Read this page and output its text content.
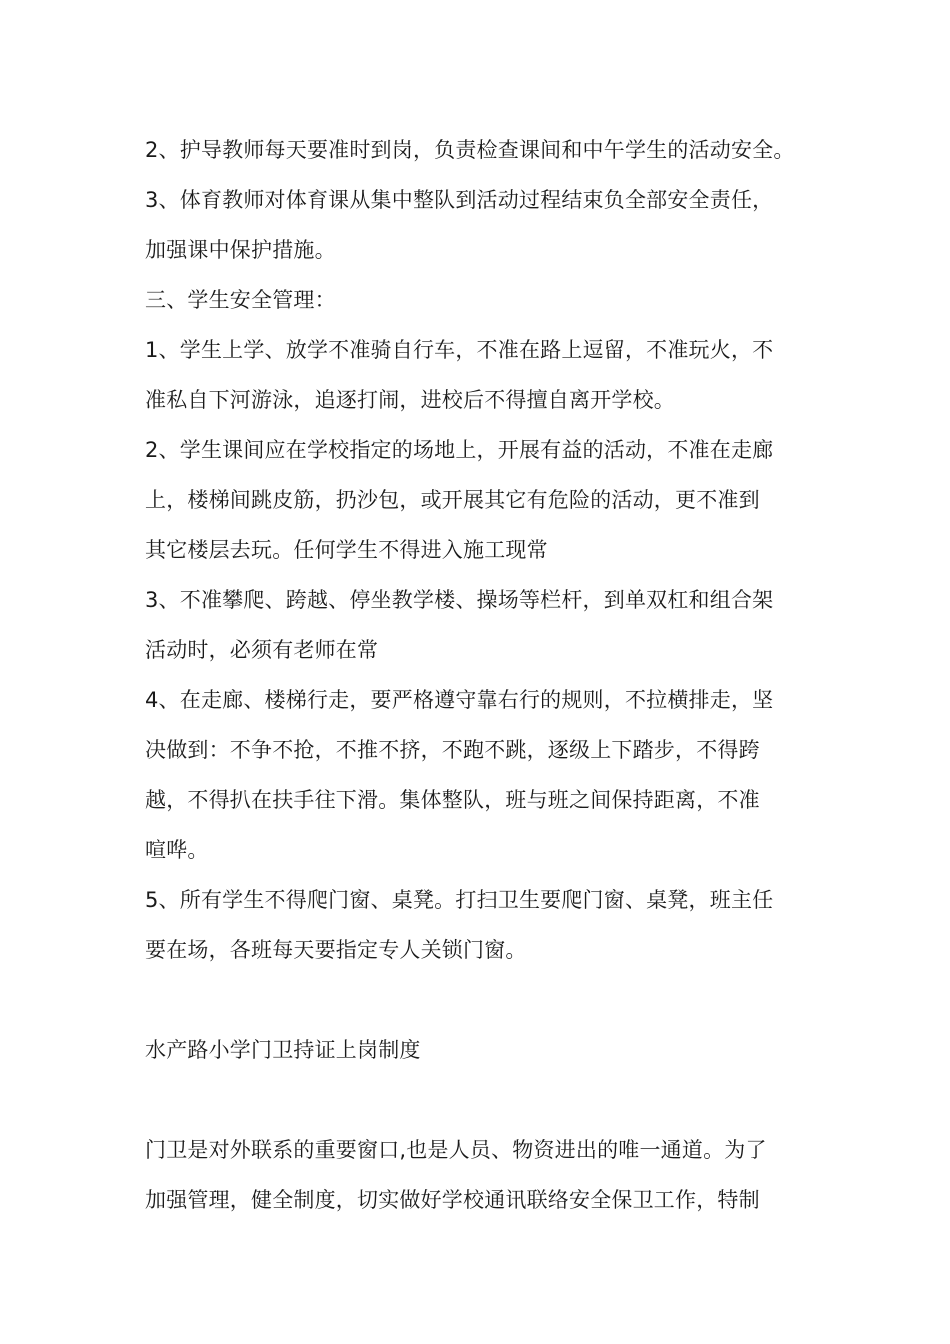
2、护导教师每天要准时到岗，负责检查课间和中午学生的活动安全。
3、体育教师对体育课从集中整队到活动过程结束负全部安全责任，
加强课中保护措施。
三、学生安全管理：
1、学生上学、放学不准骑自行车，不准在路上逗留，不准玩火，不
准私自下河游泳，追逐打闹，进校后不得擅自离开学校。
2、学生课间应在学校指定的场地上，开展有益的活动，不准在走廊
上，楼梯间跳皮筋，扔沙包，或开展其它有危险的活动，更不准到
其它楼层去玩。任何学生不得进入施工现常
3、不准攀爬、跨越、停坐教学楼、操场等栏杆，到单双杠和组合架
活动时，必须有老师在常
4、在走廊、楼梯行走，要严格遵守靠右行的规则，不拉横排走，坚
决做到：不争不抢，不推不挤，不跑不跳，逐级上下踏步，不得跨
越，不得扒在扶手往下滑。集体整队，班与班之间保持距离，不准
喧哗。
5、所有学生不得爬门窗、桌凳。打扫卫生要爬门窗、桌凳，班主任
要在场，各班每天要指定专人关锁门窗。
水产路小学门卫持证上岗制度
门卫是对外联系的重要窗口,也是人员、物资进出的唯一通道。为了
加强管理，健全制度，切实做好学校通讯联络安全保卫工作，特制
